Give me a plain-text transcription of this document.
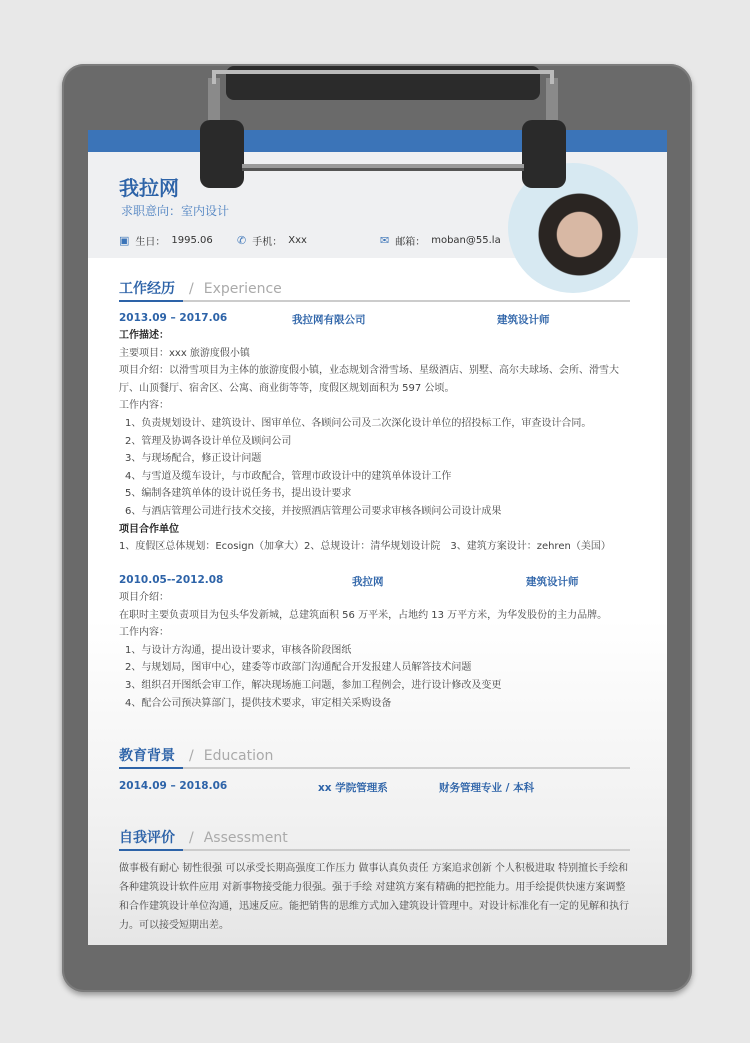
我拉网
求职意向：室内设计
▣ 生日： 1995.06 ✆ 手机： Xxx	✉ 邮箱： moban@55.la
工作经历 / Experience
2013.09 – 2017.06	我拉网有限公司	建筑设计师
工作描述：
主要项目：xxx 旅游度假小镇
项目介绍：以滑雪项目为主体的旅游度假小镇，业态规划含滑雪场、星级酒店、别墅、高尔夫球场、会所、滑雪大厅、山顶餐厅、宿舍区、公寓、商业街等等，度假区规划面积为 597 公顷。
工作内容：
1、负责规划设计、建筑设计、图审单位、各顾问公司及二次深化设计单位的招投标工作，审查设计合同。
2、管理及协调各设计单位及顾问公司
3、与现场配合，修正设计问题
4、与雪道及缆车设计，与市政配合，管理市政设计中的建筑单体设计工作
5、编制各建筑单体的设计说任务书，提出设计要求
6、与酒店管理公司进行技术交接，并按照酒店管理公司要求审核各顾问公司设计成果
项目合作单位
1、度假区总体规划：Ecosign（加拿大）2、总规设计：清华规划设计院　3、建筑方案设计：zehren（美国）
2010.05--2012.08	我拉网	建筑设计师
项目介绍：
在职时主要负责项目为包头华发新城，总建筑面积 56 万平米，占地约 13 万平方米，为华发股份的主力品牌。
工作内容：
1、与设计方沟通，提出设计要求，审核各阶段图纸
2、与规划局，图审中心，建委等市政部门沟通配合开发报建人员解答技术问题
3、组织召开图纸会审工作，解决现场施工问题，参加工程例会，进行设计修改及变更
4、配合公司预决算部门，提供技术要求，审定相关采购设备
教育背景 / Education
2014.09 – 2018.06	xx 学院管理系	财务管理专业 / 本科
自我评价 / Assessment
做事极有耐心 韧性很强 可以承受长期高强度工作压力 做事认真负责任 方案追求创新 个人积极进取 特别擅长手绘和各种建筑设计软件应用 对新事物接受能力很强。强于手绘 对建筑方案有精确的把控能力。用手绘提供快速方案调整和合作建筑设计单位沟通，迅速反应。能把销售的思维方式加入建筑设计管理中。对设计标准化有一定的见解和执行力。可以接受短期出差。
